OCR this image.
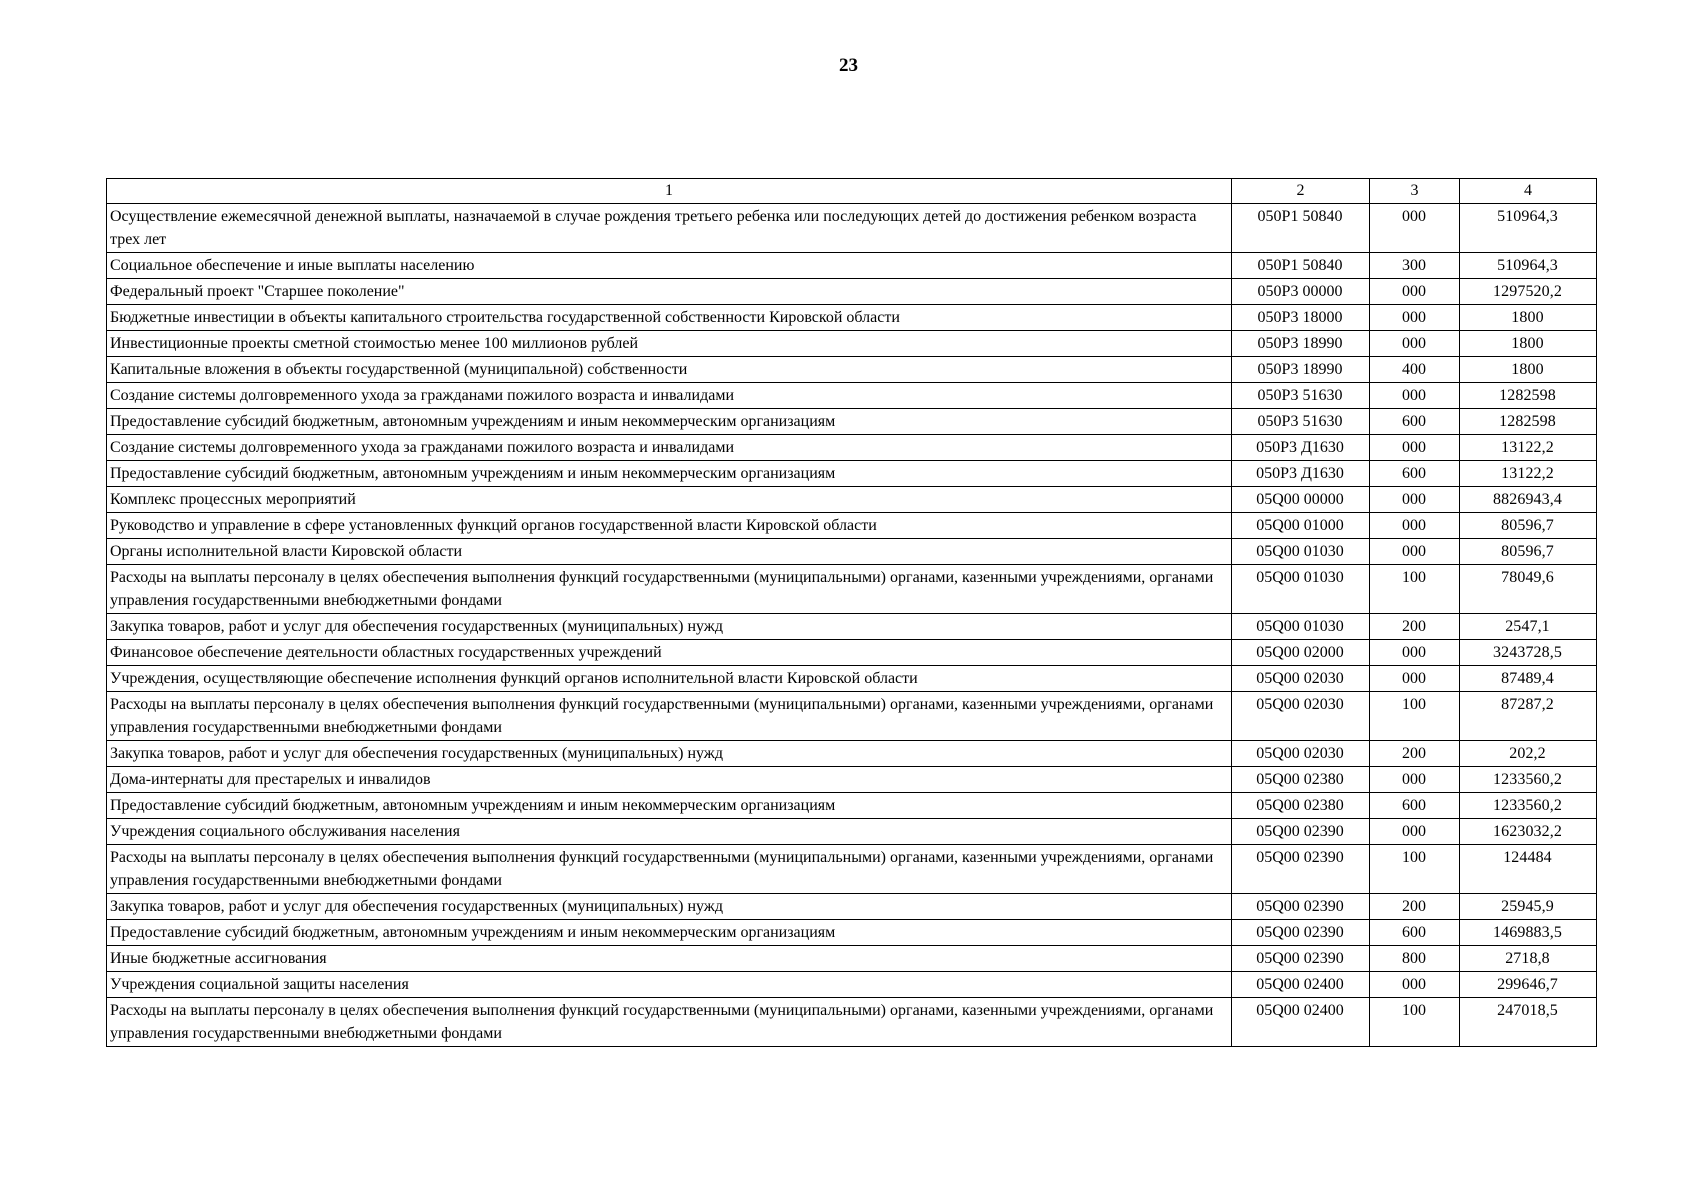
23
1	2	3	4
Осуществление ежемесячной денежной выплаты, назначаемой в случае рождения третьего ребенка или последующих детей до достижения ребенком возраста трех лет	050P1 50840	000	510964,3
Социальное обеспечение и иные выплаты населению	050P1 50840	300	510964,3
Федеральный проект "Старшее поколение"	050P3 00000	000	1297520,2
Бюджетные инвестиции в объекты капитального строительства государственной собственности Кировской области	050P3 18000	000	1800
Инвестиционные проекты сметной стоимостью менее 100 миллионов рублей	050P3 18990	000	1800
Капитальные вложения в объекты государственной (муниципальной) собственности	050P3 18990	400	1800
Создание системы долговременного ухода за гражданами пожилого возраста и инвалидами	050P3 51630	000	1282598
Предоставление субсидий бюджетным, автономным учреждениям и иным некоммерческим организациям	050P3 51630	600	1282598
Создание системы долговременного ухода за гражданами пожилого возраста и инвалидами	050P3 Д1630	000	13122,2
Предоставление субсидий бюджетным, автономным учреждениям и иным некоммерческим организациям	050P3 Д1630	600	13122,2
Комплекс процессных мероприятий	05Q00 00000	000	8826943,4
Руководство и управление в сфере установленных функций органов государственной власти Кировской области	05Q00 01000	000	80596,7
Органы исполнительной власти Кировской области	05Q00 01030	000	80596,7
Расходы на выплаты персоналу в целях обеспечения выполнения функций государственными (муниципальными) органами, казенными учреждениями, органами управления государственными внебюджетными фондами	05Q00 01030	100	78049,6
Закупка товаров, работ и услуг для обеспечения государственных (муниципальных) нужд	05Q00 01030	200	2547,1
Финансовое обеспечение деятельности областных государственных учреждений	05Q00 02000	000	3243728,5
Учреждения, осуществляющие обеспечение исполнения функций органов исполнительной власти Кировской области	05Q00 02030	000	87489,4
Расходы на выплаты персоналу в целях обеспечения выполнения функций государственными (муниципальными) органами, казенными учреждениями, органами управления государственными внебюджетными фондами	05Q00 02030	100	87287,2
Закупка товаров, работ и услуг для обеспечения государственных (муниципальных) нужд	05Q00 02030	200	202,2
Дома-интернаты для престарелых и инвалидов	05Q00 02380	000	1233560,2
Предоставление субсидий бюджетным, автономным учреждениям и иным некоммерческим организациям	05Q00 02380	600	1233560,2
Учреждения социального обслуживания населения	05Q00 02390	000	1623032,2
Расходы на выплаты персоналу в целях обеспечения выполнения функций государственными (муниципальными) органами, казенными учреждениями, органами управления государственными внебюджетными фондами	05Q00 02390	100	124484
Закупка товаров, работ и услуг для обеспечения государственных (муниципальных) нужд	05Q00 02390	200	25945,9
Предоставление субсидий бюджетным, автономным учреждениям и иным некоммерческим организациям	05Q00 02390	600	1469883,5
Иные бюджетные ассигнования	05Q00 02390	800	2718,8
Учреждения социальной защиты населения	05Q00 02400	000	299646,7
Расходы на выплаты персоналу в целях обеспечения выполнения функций государственными (муниципальными) органами, казенными учреждениями, органами управления государственными внебюджетными фондами	05Q00 02400	100	247018,5
